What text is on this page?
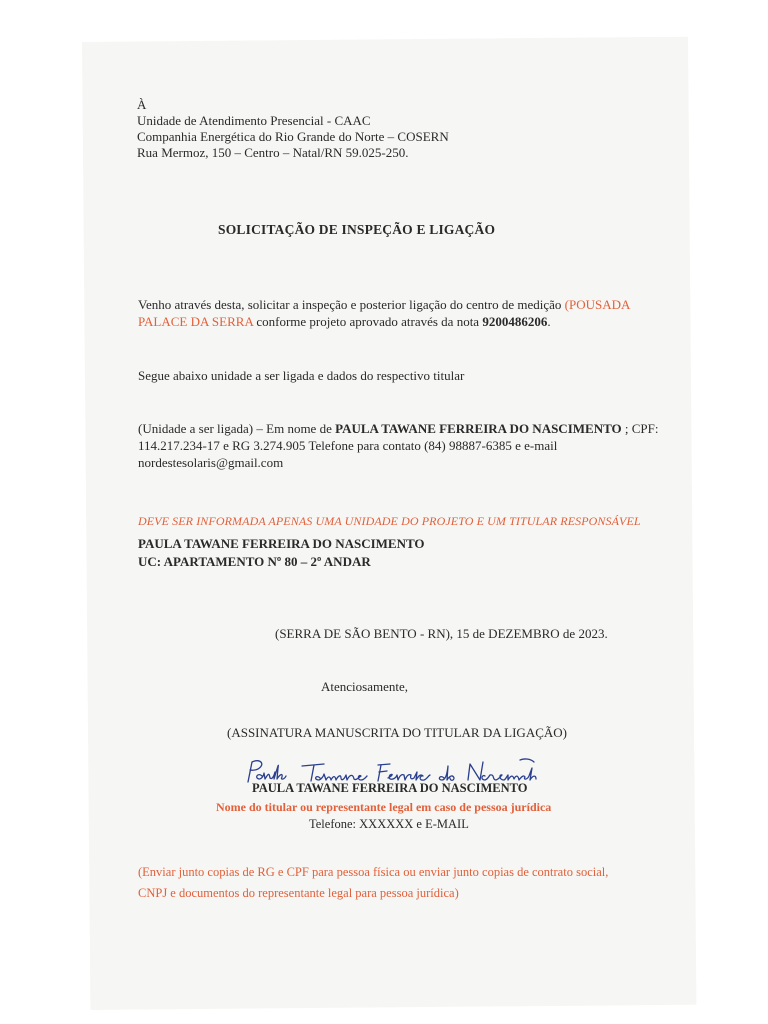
À
Unidade de Atendimento Presencial - CAAC
Companhia Energética do Rio Grande do Norte – COSERN
Rua Mermoz, 150 – Centro – Natal/RN 59.025-250.
SOLICITAÇÃO DE INSPEÇÃO E LIGAÇÃO
Venho através desta, solicitar a inspeção e posterior ligação do centro de medição (POUSADA
PALACE DA SERRA conforme projeto aprovado através da nota 9200486206.
Segue abaixo unidade a ser ligada e dados do respectivo titular
(Unidade a ser ligada) – Em nome de PAULA TAWANE FERREIRA DO NASCIMENTO ; CPF:
114.217.234-17 e RG 3.274.905 Telefone para contato (84) 98887-6385 e e-mail
nordestesolaris@gmail.com
DEVE SER INFORMADA APENAS UMA UNIDADE DO PROJETO E UM TITULAR RESPONSÁVEL
PAULA TAWANE FERREIRA DO NASCIMENTO
UC: APARTAMENTO Nº 80 – 2º ANDAR
(SERRA DE SÃO BENTO - RN), 15 de DEZEMBRO de 2023.
Atenciosamente,
(ASSINATURA MANUSCRITA DO TITULAR DA LIGAÇÃO)
PAULA TAWANE FERREIRA DO NASCIMENTO
Nome do titular ou representante legal em caso de pessoa jurídica
Telefone: XXXXXX e E-MAIL
(Enviar junto copias de RG e CPF para pessoa física ou enviar junto copias de contrato social,
CNPJ e documentos do representante legal para pessoa jurídica)
